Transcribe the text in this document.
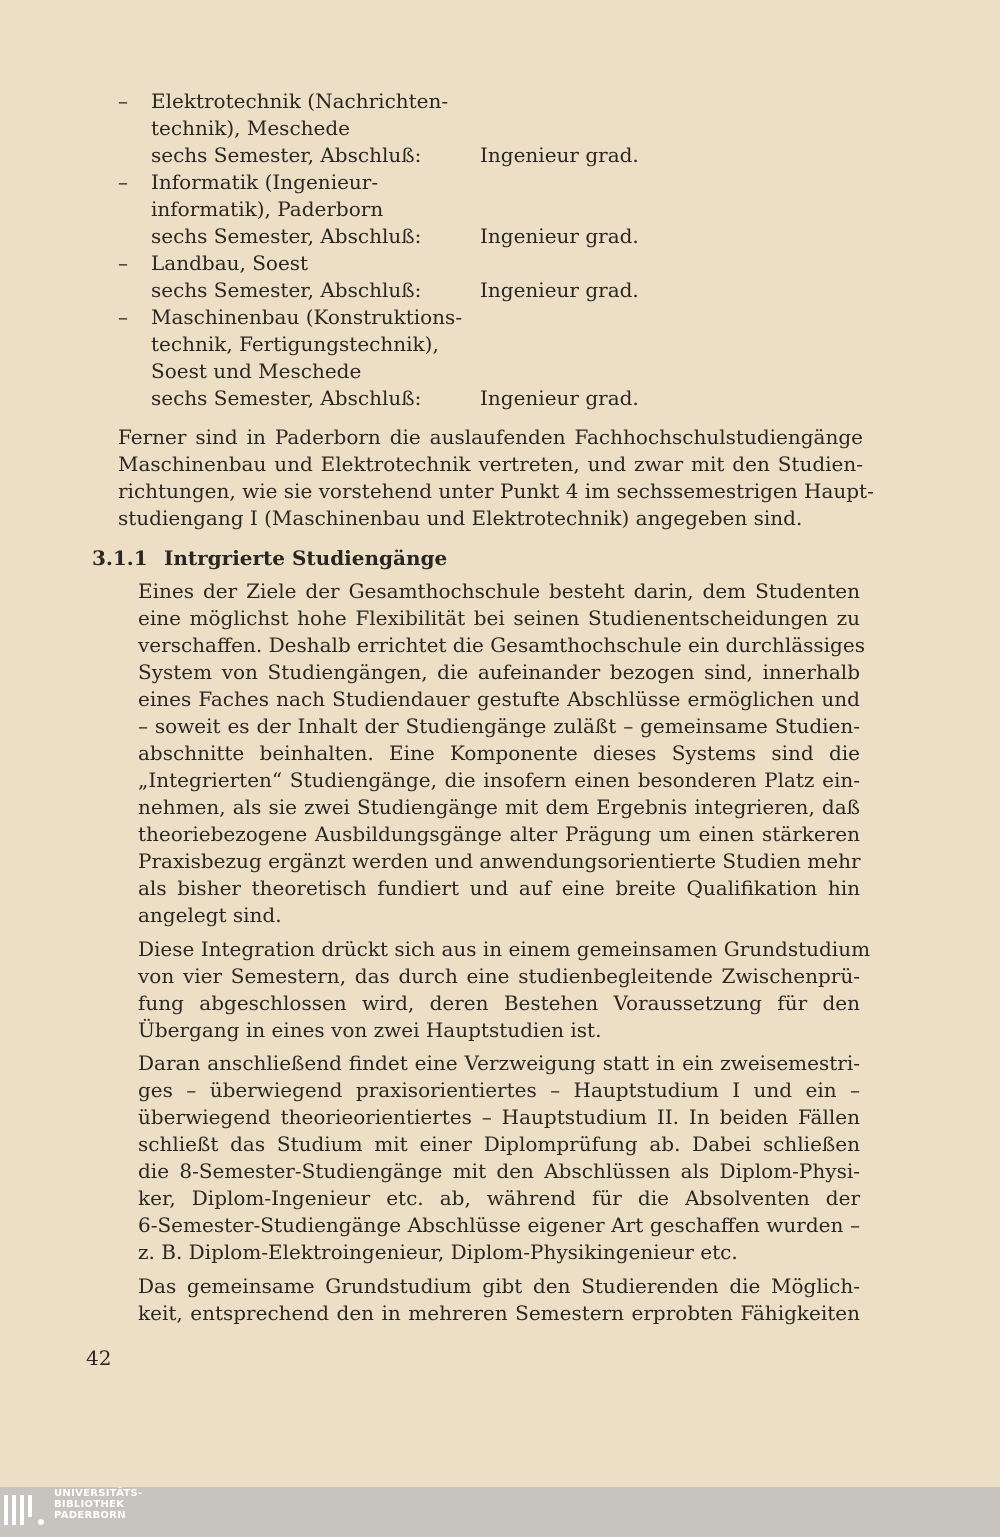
– Elektrotechnik (Nachrichten-
technik), Meschede
sechs Semester, Abschluß:	Ingenieur grad.
– Informatik (Ingenieur-
informatik), Paderborn
sechs Semester, Abschluß:	Ingenieur grad.
– Landbau, Soest
sechs Semester, Abschluß:	Ingenieur grad.
– Maschinenbau (Konstruktions-
technik, Fertigungstechnik),
Soest und Meschede
sechs Semester, Abschluß:	Ingenieur grad.
Ferner sind in Paderborn die auslaufenden Fachhochschulstudiengänge
Maschinenbau und Elektrotechnik vertreten, und zwar mit den Studien-
richtungen, wie sie vorstehend unter Punkt 4 im sechssemestrigen Haupt-
studiengang I (Maschinenbau und Elektrotechnik) angegeben sind.
3.1.1 Intrgrierte Studiengänge
Eines der Ziele der Gesamthochschule besteht darin, dem Studenten
eine möglichst hohe Flexibilität bei seinen Studienentscheidungen zu
verschaffen. Deshalb errichtet die Gesamthochschule ein durchlässiges
System von Studiengängen, die aufeinander bezogen sind, innerhalb
eines Faches nach Studiendauer gestufte Abschlüsse ermöglichen und
– soweit es der Inhalt der Studiengänge zuläßt – gemeinsame Studien-
abschnitte beinhalten. Eine Komponente dieses Systems sind die
„Integrierten“ Studiengänge, die insofern einen besonderen Platz ein-
nehmen, als sie zwei Studiengänge mit dem Ergebnis integrieren, daß
theoriebezogene Ausbildungsgänge alter Prägung um einen stärkeren
Praxisbezug ergänzt werden und anwendungsorientierte Studien mehr
als bisher theoretisch fundiert und auf eine breite Qualifikation hin
angelegt sind.
Diese Integration drückt sich aus in einem gemeinsamen Grundstudium
von vier Semestern, das durch eine studienbegleitende Zwischenprü-
fung abgeschlossen wird, deren Bestehen Voraussetzung für den
Übergang in eines von zwei Hauptstudien ist.
Daran anschließend findet eine Verzweigung statt in ein zweisemestri-
ges – überwiegend praxisorientiertes – Hauptstudium I und ein –
überwiegend theorieorientiertes – Hauptstudium II. In beiden Fällen
schließt das Studium mit einer Diplomprüfung ab. Dabei schließen
die 8-Semester-Studiengänge mit den Abschlüssen als Diplom-Physi-
ker, Diplom-Ingenieur etc. ab, während für die Absolventen der
6-Semester-Studiengänge Abschlüsse eigener Art geschaffen wurden –
z. B. Diplom-Elektroingenieur, Diplom-Physikingenieur etc.
Das gemeinsame Grundstudium gibt den Studierenden die Möglich-
keit, entsprechend den in mehreren Semestern erprobten Fähigkeiten
42
UNIVERSITÄTS-
BIBLIOTHEK
PADERBORN
